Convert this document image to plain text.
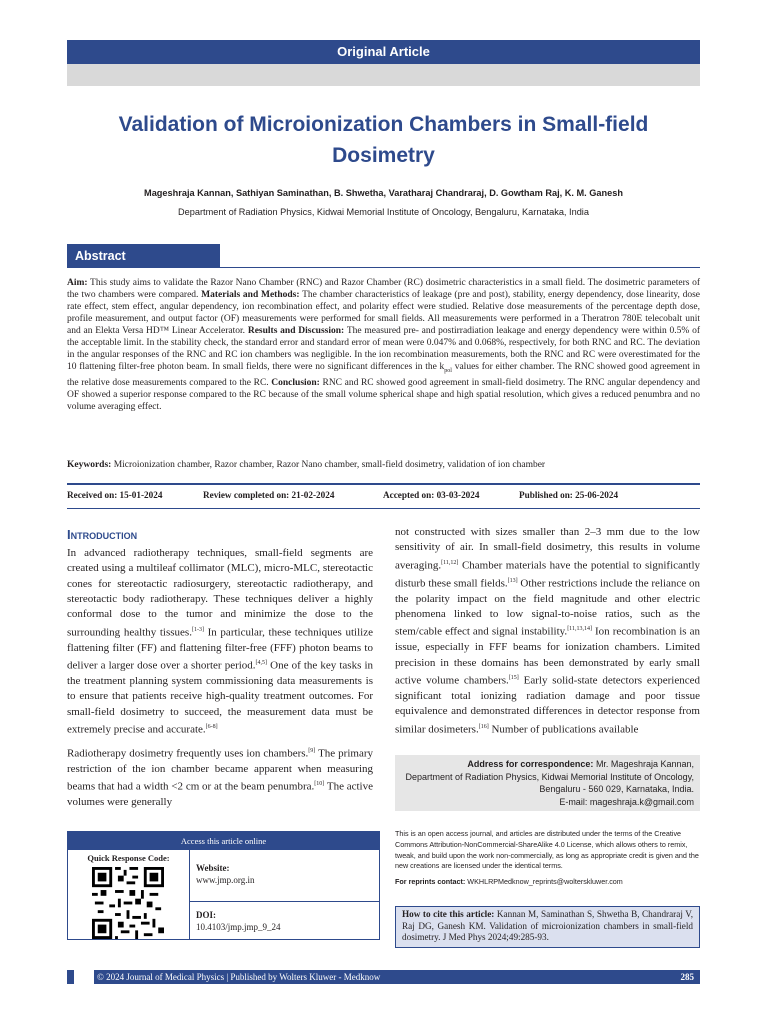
Original Article
Validation of Microionization Chambers in Small-field Dosimetry
Mageshraja Kannan, Sathiyan Saminathan, B. Shwetha, Varatharaj Chandraraj, D. Gowtham Raj, K. M. Ganesh
Department of Radiation Physics, Kidwai Memorial Institute of Oncology, Bengaluru, Karnataka, India
Abstract
Aim: This study aims to validate the Razor Nano Chamber (RNC) and Razor Chamber (RC) dosimetric characteristics in a small field. The dosimetric parameters of the two chambers were compared. Materials and Methods: The chamber characteristics of leakage (pre and post), stability, energy dependency, dose linearity, dose rate effect, stem effect, angular dependency, ion recombination effect, and polarity effect were studied. Relative dose measurements of the percentage depth dose, profile measurement, and output factor (OF) measurements were performed for small fields. All measurements were performed in a Theratron 780E telecobalt unit and an Elekta Versa HD™ Linear Accelerator. Results and Discussion: The measured pre- and postirradiation leakage and energy dependency were within 0.5% of the acceptable limit. In the stability check, the standard error and standard error of mean were 0.047% and 0.068%, respectively, for both RNC and RC. The deviation in the angular responses of the RNC and RC ion chambers was negligible. In the ion recombination measurements, both the RNC and RC were overestimated for the 10 flattening filter-free photon beam. In small fields, there were no significant differences in the $k_{pol}$ values for either chamber. The RNC showed good agreement in the relative dose measurements compared to the RC. Conclusion: RNC and RC showed good agreement in small-field dosimetry. The RNC angular dependency and OF showed a superior response compared to the RC because of the small volume spherical shape and high spatial resolution, which gives a reduced penumbra and no volume averaging effect.
Keywords: Microionization chamber, Razor chamber, Razor Nano chamber, small-field dosimetry, validation of ion chamber
Received on: 15-01-2024	Review completed on: 21-02-2024	Accepted on: 03-03-2024	Published on: 25-06-2024
Introduction
In advanced radiotherapy techniques, small-field segments are created using a multileaf collimator (MLC), micro-MLC, stereotactic cones for stereotactic radiosurgery, stereotactic radiotherapy, and stereotactic body radiotherapy. These techniques deliver a highly conformal dose to the tumor and minimize the dose to the surrounding healthy tissues.[1-3] In particular, these techniques utilize flattening filter (FF) and flattening filter-free (FFF) photon beams to deliver a larger dose over a shorter period.[4,5] One of the key tasks in the treatment planning system commissioning data measurements is to ensure that patients receive high-quality treatment outcomes. For small-field dosimetry to succeed, the measurement data must be extremely precise and accurate.[6-8]
Radiotherapy dosimetry frequently uses ion chambers.[9] The primary restriction of the ion chamber became apparent when measuring beams that had a width <2 cm or at the beam penumbra.[10] The active volumes were generally
not constructed with sizes smaller than 2–3 mm due to the low sensitivity of air. In small-field dosimetry, this results in volume averaging.[11,12] Chamber materials have the potential to significantly disturb these small fields.[13] Other restrictions include the reliance on the polarity impact on the field magnitude and other electric phenomena linked to low signal-to-noise ratios, such as the stem/cable effect and signal instability.[11,13,14] Ion recombination is an issue, especially in FFF beams for ionization chambers. Limited precision in these domains has been demonstrated by early small active volume chambers.[15] Early solid-state detectors experienced significant total ionizing radiation damage and poor tissue equivalence and demonstrated differences in detector response from similar dosimeters.[16] Number of publications available
Address for correspondence: Mr. Mageshraja Kannan,
Department of Radiation Physics, Kidwai Memorial Institute of Oncology,
Bengaluru - 560 029, Karnataka, India.
E-mail: mageshraja.k@gmail.com
Access this article online
Quick Response Code:
Website:
www.jmp.org.in
DOI:
10.4103/jmp.jmp_9_24
This is an open access journal, and articles are distributed under the terms of the Creative Commons Attribution-NonCommercial-ShareAlike 4.0 License, which allows others to remix, tweak, and build upon the work non-commercially, as long as appropriate credit is given and the new creations are licensed under the identical terms.
For reprints contact: WKHLRPMedknow_reprints@wolterskluwer.com
How to cite this article: Kannan M, Saminathan S, Shwetha B, Chandraraj V, Raj DG, Ganesh KM. Validation of microionization chambers in small-field dosimetry. J Med Phys 2024;49:285-93.
© 2024 Journal of Medical Physics | Published by Wolters Kluwer - Medknow	285
